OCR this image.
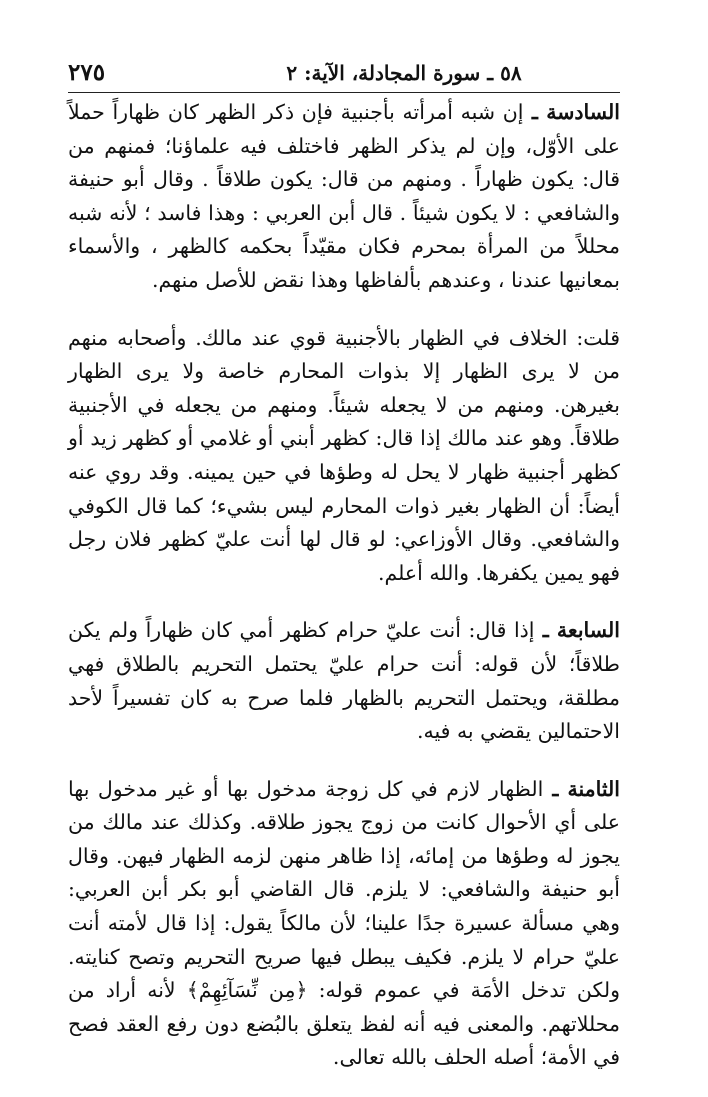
٢٧٥	٥٨ ـ سورة المجادلة، الآية: ٢

السادسة ـ إن شبه أمرأته بأجنبية فإن ذكر الظهر كان ظهاراً حملاً على الأوّل، وإن لم يذكر الظهر فاختلف فيه علماؤنا؛ فمنهم من قال: يكون ظهاراً . ومنهم من قال: يكون طلاقاً . وقال أبو حنيفة والشافعي : لا يكون شيئاً . قال أبن العربي : وهذا فاسد ؛ لأنه شبه محللاً من المرأة بمحرم فكان مقيّداً بحكمه كالظهر ، والأسماء بمعانيها عندنا ، وعندهم بألفاظها وهذا نقض للأصل منهم.

قلت: الخلاف في الظهار بالأجنبية قوي عند مالك. وأصحابه منهم من لا يرى الظهار إلا بذوات المحارم خاصة ولا يرى الظهار بغيرهن. ومنهم من لا يجعله شيئاً. ومنهم من يجعله في الأجنبية طلاقاً. وهو عند مالك إذا قال: كظهر أبني أو غلامي أو كظهر زيد أو كظهر أجنبية ظهار لا يحل له وطؤها في حين يمينه. وقد روي عنه أيضاً: أن الظهار بغير ذوات المحارم ليس بشيء؛ كما قال الكوفي والشافعي. وقال الأوزاعي: لو قال لها أنت عليّ كظهر فلان رجل فهو يمين يكفرها. والله أعلم.

السابعة ـ إذا قال: أنت عليّ حرام كظهر أمي كان ظهاراً ولم يكن طلاقاً؛ لأن قوله: أنت حرام عليّ يحتمل التحريم بالطلاق فهي مطلقة، ويحتمل التحريم بالظهار فلما صرح به كان تفسيراً لأحد الاحتمالين يقضي به فيه.

الثامنة ـ الظهار لازم في كل زوجة مدخول بها أو غير مدخول بها على أي الأحوال كانت من زوج يجوز طلاقه. وكذلك عند مالك من يجوز له وطؤها من إمائه، إذا ظاهر منهن لزمه الظهار فيهن. وقال أبو حنيفة والشافعي: لا يلزم. قال القاضي أبو بكر أبن العربي: وهي مسألة عسيرة جدًا علينا؛ لأن مالكاً يقول: إذا قال لأمته أنت عليّ حرام لا يلزم. فكيف يبطل فيها صريح التحريم وتصح كنايته. ولكن تدخل الأمَة في عموم قوله: ﴿مِن نِّسَآئِهِمْ﴾ لأنه أراد من محللاتهم. والمعنى فيه أنه لفظ يتعلق بالبُضع دون رفع العقد فصح في الأمة؛ أصله الحلف بالله تعالى.
